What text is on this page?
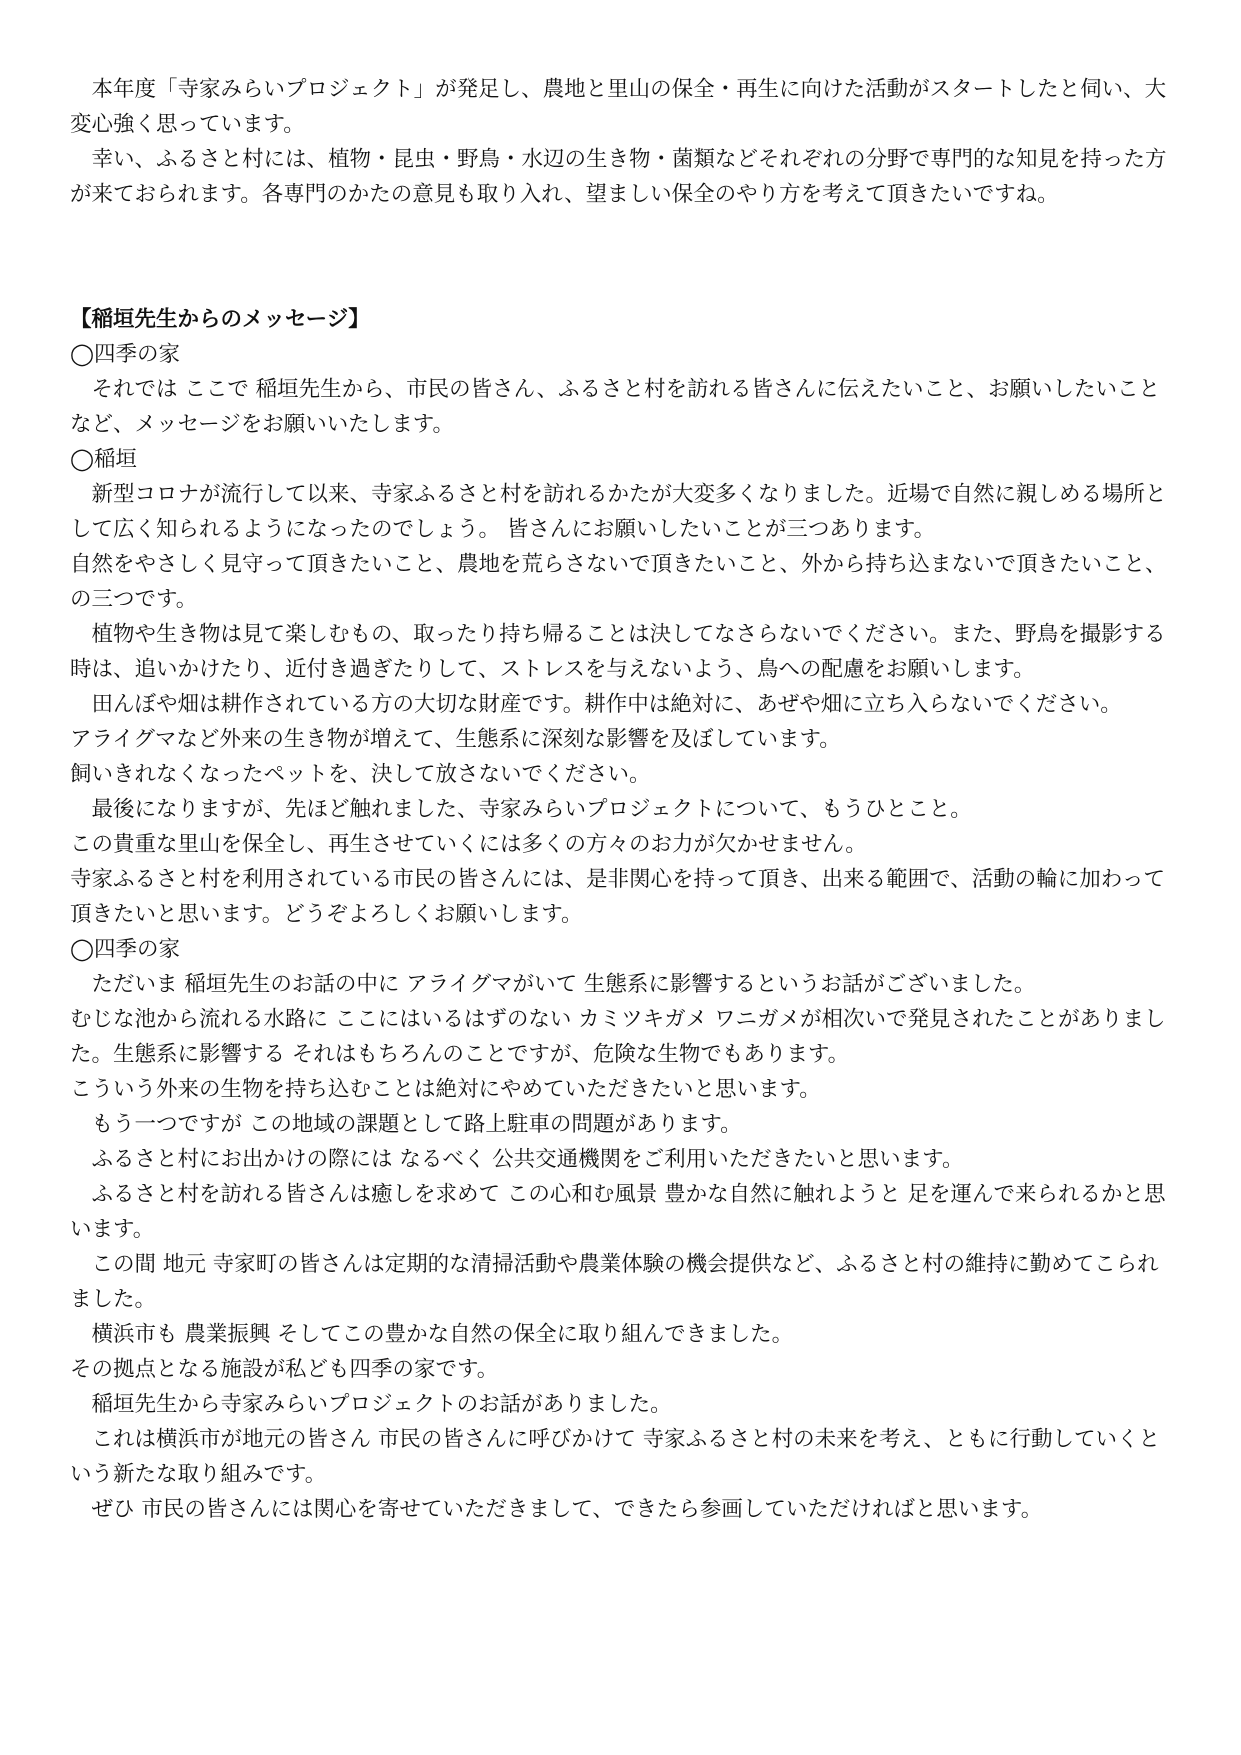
本年度「寺家みらいプロジェクト」が発足し、農地と里山の保全・再生に向けた活動がスタートしたと伺い、大変心強く思っています。

幸い、ふるさと村には、植物・昆虫・野鳥・水辺の生き物・菌類などそれぞれの分野で専門的な知見を持った方が来ておられます。各専門のかたの意見も取り入れ、望ましい保全のやり方を考えて頂きたいですね。

【稲垣先生からのメッセージ】

◯四季の家

それでは ここで 稲垣先生から、市民の皆さん、ふるさと村を訪れる皆さんに伝えたいこと、お願いしたいことなど、メッセージをお願いいたします。

◯稲垣

新型コロナが流行して以来、寺家ふるさと村を訪れるかたが大変多くなりました。近場で自然に親しめる場所として広く知られるようになったのでしょう。 皆さんにお願いしたいことが三つあります。

自然をやさしく見守って頂きたいこと、農地を荒らさないで頂きたいこと、外から持ち込まないで頂きたいこと、の三つです。

植物や生き物は見て楽しむもの、取ったり持ち帰ることは決してなさらないでください。また、野鳥を撮影する時は、追いかけたり、近付き過ぎたりして、ストレスを与えないよう、鳥への配慮をお願いします。

田んぼや畑は耕作されている方の大切な財産です。耕作中は絶対に、あぜや畑に立ち入らないでください。

アライグマなど外来の生き物が増えて、生態系に深刻な影響を及ぼしています。

飼いきれなくなったペットを、決して放さないでください。

最後になりますが、先ほど触れました、寺家みらいプロジェクトについて、もうひとこと。

この貴重な里山を保全し、再生させていくには多くの方々のお力が欠かせません。

寺家ふるさと村を利用されている市民の皆さんには、是非関心を持って頂き、出来る範囲で、活動の輪に加わって頂きたいと思います。どうぞよろしくお願いします。

◯四季の家

ただいま 稲垣先生のお話の中に アライグマがいて 生態系に影響するというお話がございました。

むじな池から流れる水路に ここにはいるはずのない カミツキガメ ワニガメが相次いで発見されたことがありました。生態系に影響する それはもちろんのことですが、危険な生物でもあります。

こういう外来の生物を持ち込むことは絶対にやめていただきたいと思います。

もう一つですが この地域の課題として路上駐車の問題があります。

ふるさと村にお出かけの際には なるべく 公共交通機関をご利用いただきたいと思います。

ふるさと村を訪れる皆さんは癒しを求めて この心和む風景 豊かな自然に触れようと 足を運んで来られるかと思います。

この間 地元 寺家町の皆さんは定期的な清掃活動や農業体験の機会提供など、ふるさと村の維持に勤めてこられました。

横浜市も 農業振興 そしてこの豊かな自然の保全に取り組んできました。

その拠点となる施設が私ども四季の家です。

稲垣先生から寺家みらいプロジェクトのお話がありました。

これは横浜市が地元の皆さん 市民の皆さんに呼びかけて 寺家ふるさと村の未来を考え、ともに行動していくという新たな取り組みです。

ぜひ 市民の皆さんには関心を寄せていただきまして、できたら参画していただければと思います。
